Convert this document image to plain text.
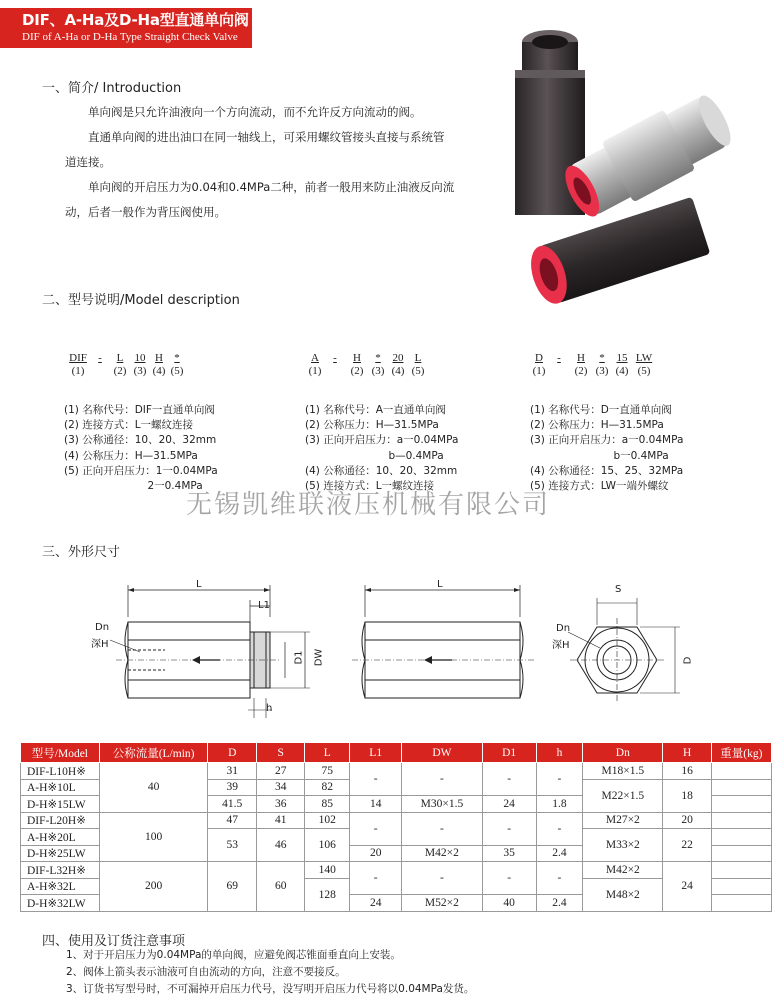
DIF、A-Ha及D-Ha型直通单向阀
DIF of A-Ha or D-Ha Type Straight Check Valve
一、简介/ Introduction
单向阀是只允许油液向一个方向流动，而不允许反方向流动的阀。
直通单向阀的进出油口在同一轴线上，可采用螺纹管接头直接与系统管
道连接。
单向阀的开启压力为0.04和0.4MPa二种，前者一般用来防止油液反向流
动，后者一般作为背压阀使用。
二、型号说明/Model description
DIF	-	L	10 H	*
(1)	(2) (3) (4) (5)
A	-	H	*	20	L
(1)	(2) (3) (4) (5)
D	-	H	*	15 LW
(1)	(2) (3) (4) (5)
(1) 名称代号：DIF一直通单向阀
(2) 连接方式：L一螺纹连接
(3) 公称通径：10、20、32mm
(4) 公称压力：H—31.5MPa
(5) 正向开启压力：1一0.04MPa
2一0.4MPa
(1) 名称代号：A一直通单向阀
(2) 公称压力：H—31.5MPa
(3) 正向开启压力：a一0.04MPa
b—0.4MPa
(4) 公称通径：10、20、32mm
(5) 连接方式：L一螺纹连接
(1) 名称代号：D一直通单向阀
(2) 公称压力：H—31.5MPa
(3) 正向开启压力：a一0.04MPa
b一0.4MPa
(4) 公称通径：15、25、32MPa
(5) 连接方式：LW一端外螺纹
无锡凯维联液压机械有限公司
三、外形尺寸
L
L1
Dn
深H
D1 DW
h
L	S
Dn
深H
D
型号/Model	公称流量(L/min)	D	S	L	L1	DW	D1	h	Dn	H	重量(kg)
DIF-L10H※	40	31	27	75	-	-	-	-	M18×1.5	16	
A-H※10L		39	34	82					M22×1.5	18	
D-H※15LW		41.5	36	85	14	M30×1.5	24	1.8			
DIF-L20H※	100	47	41	102	-	-	-	-	M27×2	20	
A-H※20L		53	46	106					M33×2	22	
D-H※25LW					20	M42×2	35	2.4			
DIF-L32H※	200	69	60	140	-	-	-	-	M42×2	24	
A-H※32L				128					M48×2		
D-H※32LW					24	M52×2	40	2.4			
四、使用及订货注意事项
1、对于开启压力为0.04MPa的单向阀，应避免阀芯锥面垂直向上安装。
2、阀体上箭头表示油液可自由流动的方向，注意不要接反。
3、订货书写型号时，不可漏掉开启压力代号，没写明开启压力代号将以0.04MPa发货。
